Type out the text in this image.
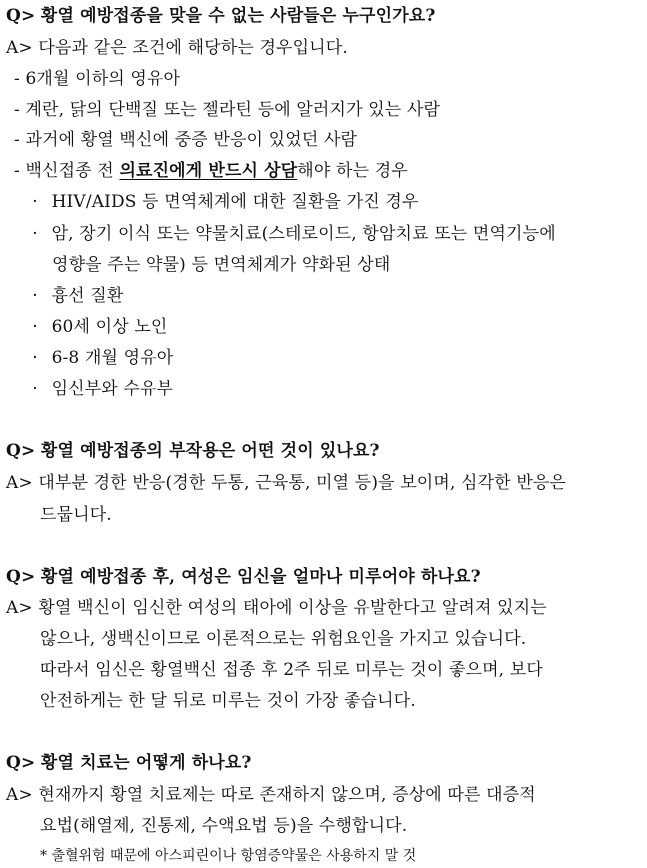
Q> 황열 예방접종을 맞을 수 없는 사람들은 누구인가요?
A> 다음과 같은 조건에 해당하는 경우입니다.
- 6개월 이하의 영유아
- 계란, 닭의 단백질 또는 젤라틴 등에 알러지가 있는 사람
- 과거에 황열 백신에 중증 반응이 있었던 사람
- 백신접종 전 의료진에게 반드시 상담해야 하는 경우
· HIV/AIDS 등 면역체계에 대한 질환을 가진 경우
· 암, 장기 이식 또는 약물치료(스테로이드, 항암치료 또는 면역기능에
영향을 주는 약물) 등 면역체계가 약화된 상태
· 흉선 질환
· 60세 이상 노인
· 6-8 개월 영유아
· 임신부와 수유부
Q> 황열 예방접종의 부작용은 어떤 것이 있나요?
A> 대부분 경한 반응(경한 두통, 근육통, 미열 등)을 보이며, 심각한 반응은
드뭅니다.
Q> 황열 예방접종 후, 여성은 임신을 얼마나 미루어야 하나요?
A> 황열 백신이 임신한 여성의 태아에 이상을 유발한다고 알려져 있지는
않으나, 생백신이므로 이론적으로는 위험요인을 가지고 있습니다.
따라서 임신은 황열백신 접종 후 2주 뒤로 미루는 것이 좋으며, 보다
안전하게는 한 달 뒤로 미루는 것이 가장 좋습니다.
Q> 황열 치료는 어떻게 하나요?
A> 현재까지 황열 치료제는 따로 존재하지 않으며, 증상에 따른 대증적
요법(해열제, 진통제, 수액요법 등)을 수행합니다.
* 출혈위험 때문에 아스피린이나 항염증약물은 사용하지 말 것
